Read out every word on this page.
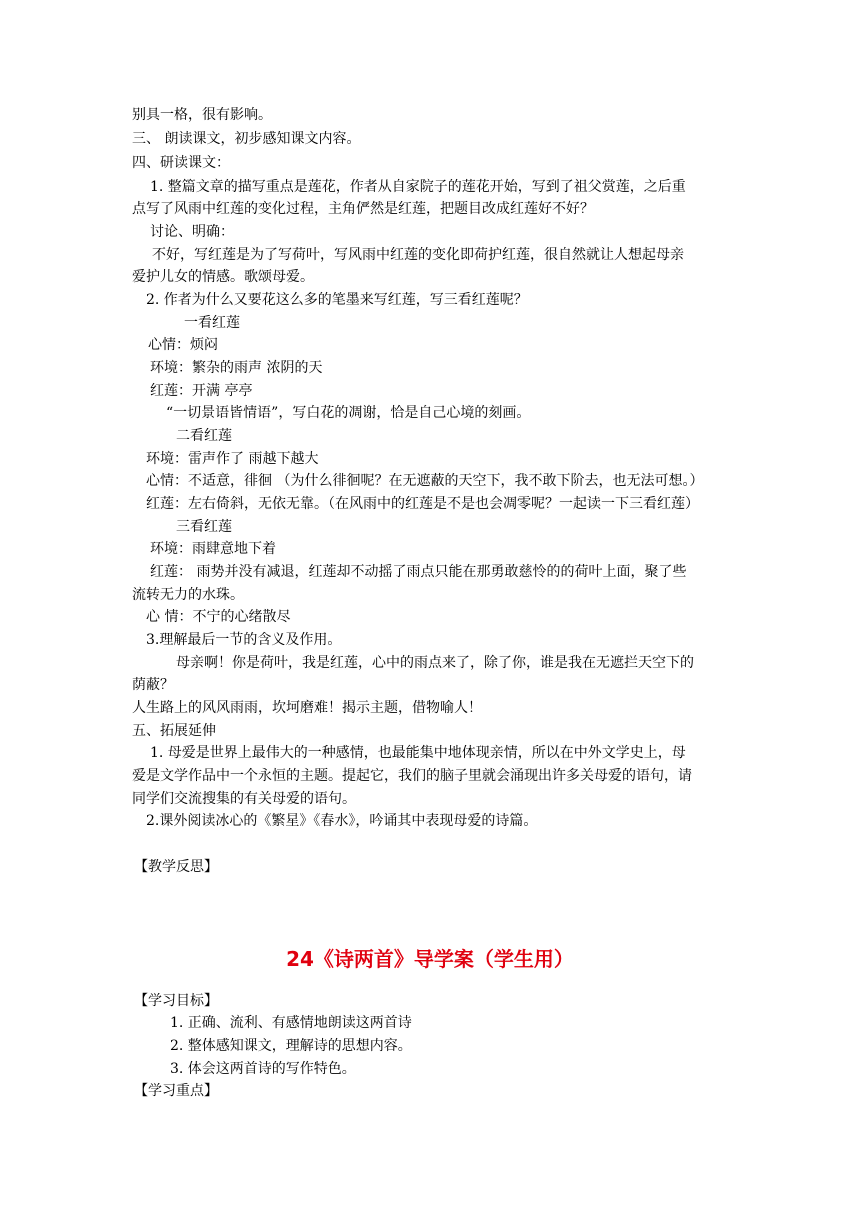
别具一格，很有影响。

三、 朗读课文，初步感知课文内容。

四、研读课文：

1. 整篇文章的描写重点是莲花，作者从自家院子的莲花开始，写到了祖父赏莲，之后重

点写了风雨中红莲的变化过程，主角俨然是红莲，把题目改成红莲好不好？

讨论、明确：

不好，写红莲是为了写荷叶，写风雨中红莲的变化即荷护红莲，很自然就让人想起母亲

爱护儿女的情感。歌颂母爱。

2. 作者为什么又要花这么多的笔墨来写红莲，写三看红莲呢？

一看红莲

心情：烦闷

环境：繁杂的雨声 浓阴的天

红莲：开满 亭亭

“一切景语皆情语”，写白花的凋谢，恰是自己心境的刻画。

二看红莲

环境：雷声作了 雨越下越大

心情：不适意，徘徊 （为什么徘徊呢？在无遮蔽的天空下，我不敢下阶去，也无法可想。）

红莲：左右倚斜，无依无靠。（在风雨中的红莲是不是也会凋零呢？一起读一下三看红莲）

三看红莲

环境：雨肆意地下着

红莲： 雨势并没有减退，红莲却不动摇了雨点只能在那勇敢慈怜的的荷叶上面，聚了些

流转无力的水珠。

心 情：不宁的心绪散尽

3.理解最后一节的含义及作用。

母亲啊！你是荷叶，我是红莲，心中的雨点来了，除了你，谁是我在无遮拦天空下的

荫蔽？

人生路上的风风雨雨，坎坷磨难！揭示主题，借物喻人！

五、拓展延伸

1. 母爱是世界上最伟大的一种感情，也最能集中地体现亲情，所以在中外文学史上，母

爱是文学作品中一个永恒的主题。提起它，我们的脑子里就会涌现出许多关母爱的语句，请

同学们交流搜集的有关母爱的语句。

2.课外阅读冰心的《繁星》《春水》，吟诵其中表现母爱的诗篇。

【教学反思】

24《诗两首》导学案（学生用）

【学习目标】

1. 正确、流利、有感情地朗读这两首诗

2. 整体感知课文，理解诗的思想内容。

3. 体会这两首诗的写作特色。

【学习重点】
